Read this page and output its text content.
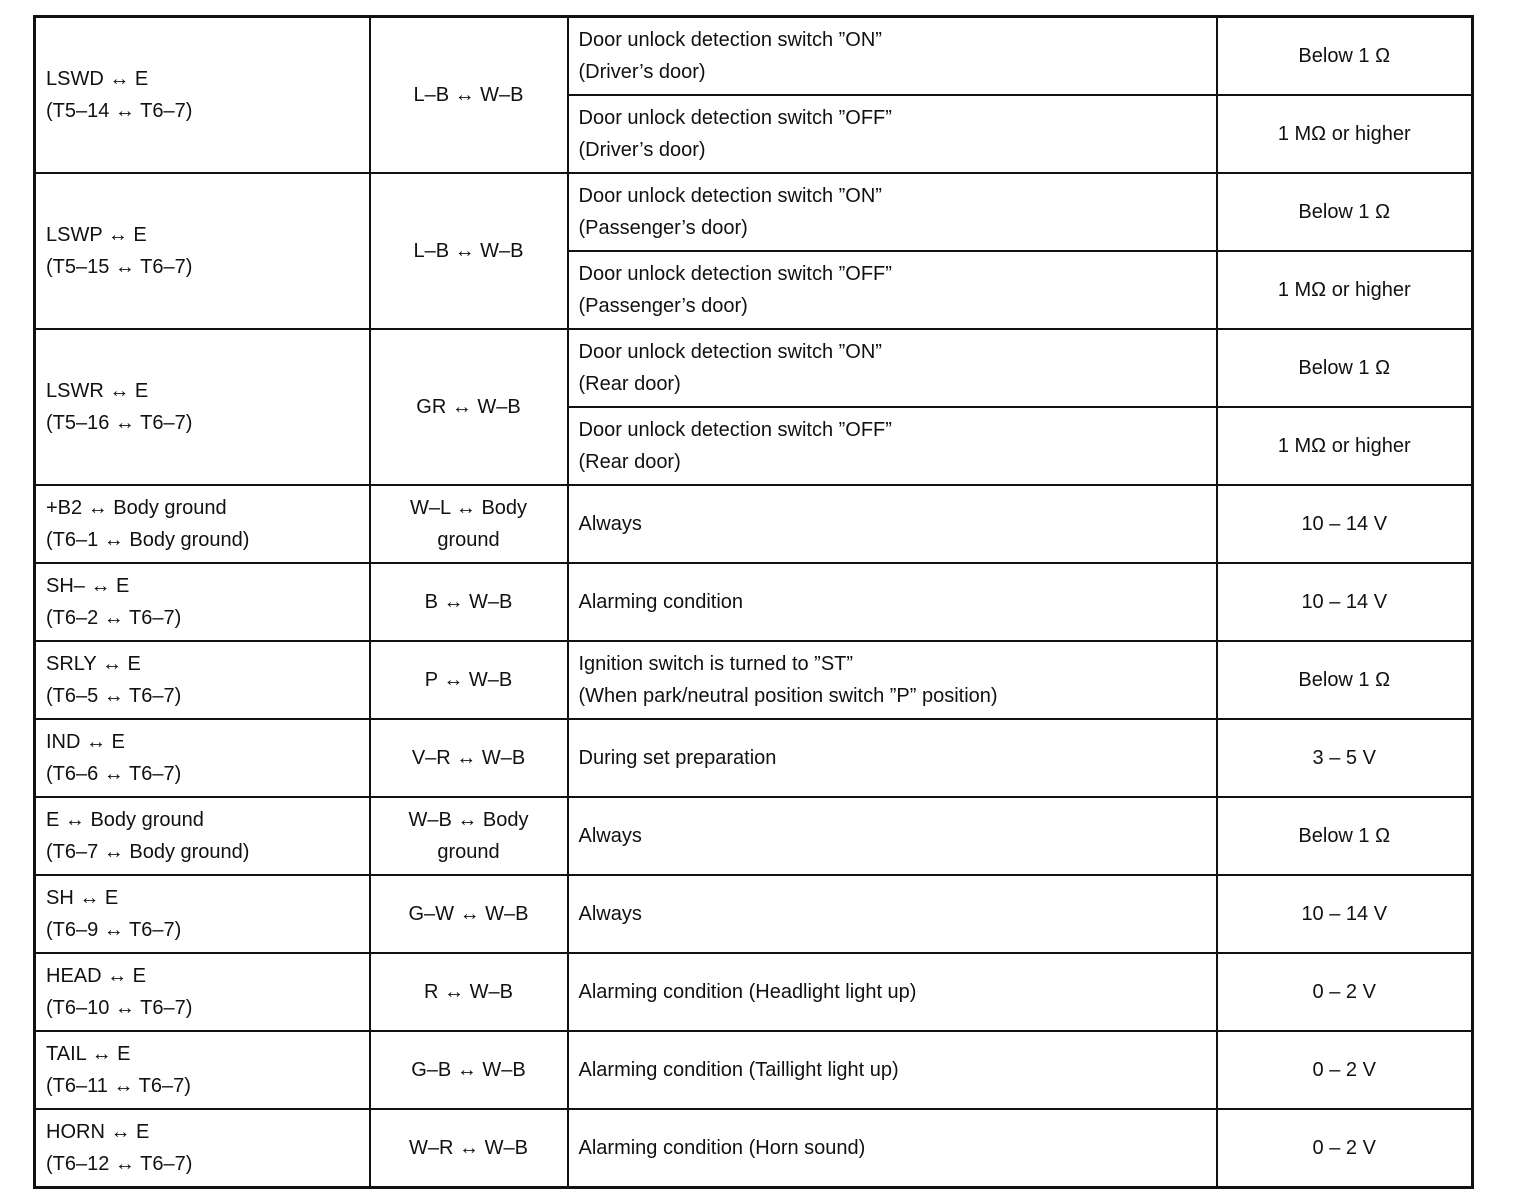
LSWD ↔ E
(T5–14 ↔ T6–7)	L–B ↔ W–B	Door unlock detection switch ”ON”
(Driver’s door)	Below 1 Ω

		Door unlock detection switch ”OFF”
(Driver’s door)	1 MΩ or higher

LSWP ↔ E
(T5–15 ↔ T6–7)	L–B ↔ W–B	Door unlock detection switch ”ON”
(Passenger’s door)	Below 1 Ω

		Door unlock detection switch ”OFF”
(Passenger’s door)	1 MΩ or higher

LSWR ↔ E
(T5–16 ↔ T6–7)	GR ↔ W–B	Door unlock detection switch ”ON”
(Rear door)	Below 1 Ω

		Door unlock detection switch ”OFF”
(Rear door)	1 MΩ or higher

+B2 ↔ Body ground
(T6–1 ↔ Body ground)	W–L ↔ Body
ground	Always	10 – 14 V

SH– ↔ E
(T6–2 ↔ T6–7)	B ↔ W–B	Alarming condition	10 – 14 V

SRLY ↔ E
(T6–5 ↔ T6–7)	P ↔ W–B	Ignition switch is turned to ”ST”
(When park/neutral position switch ”P” position)	Below 1 Ω

IND ↔ E
(T6–6 ↔ T6–7)	V–R ↔ W–B	During set preparation	3 – 5 V

E ↔ Body ground
(T6–7 ↔ Body ground)	W–B ↔ Body
ground	Always	Below 1 Ω

SH ↔ E
(T6–9 ↔ T6–7)	G–W ↔ W–B	Always	10 – 14 V

HEAD ↔ E
(T6–10 ↔ T6–7)	R ↔ W–B	Alarming condition (Headlight light up)	0 – 2 V

TAIL ↔ E
(T6–11 ↔ T6–7)	G–B ↔ W–B	Alarming condition (Taillight light up)	0 – 2 V

HORN ↔ E
(T6–12 ↔ T6–7)	W–R ↔ W–B	Alarming condition (Horn sound)	0 – 2 V
